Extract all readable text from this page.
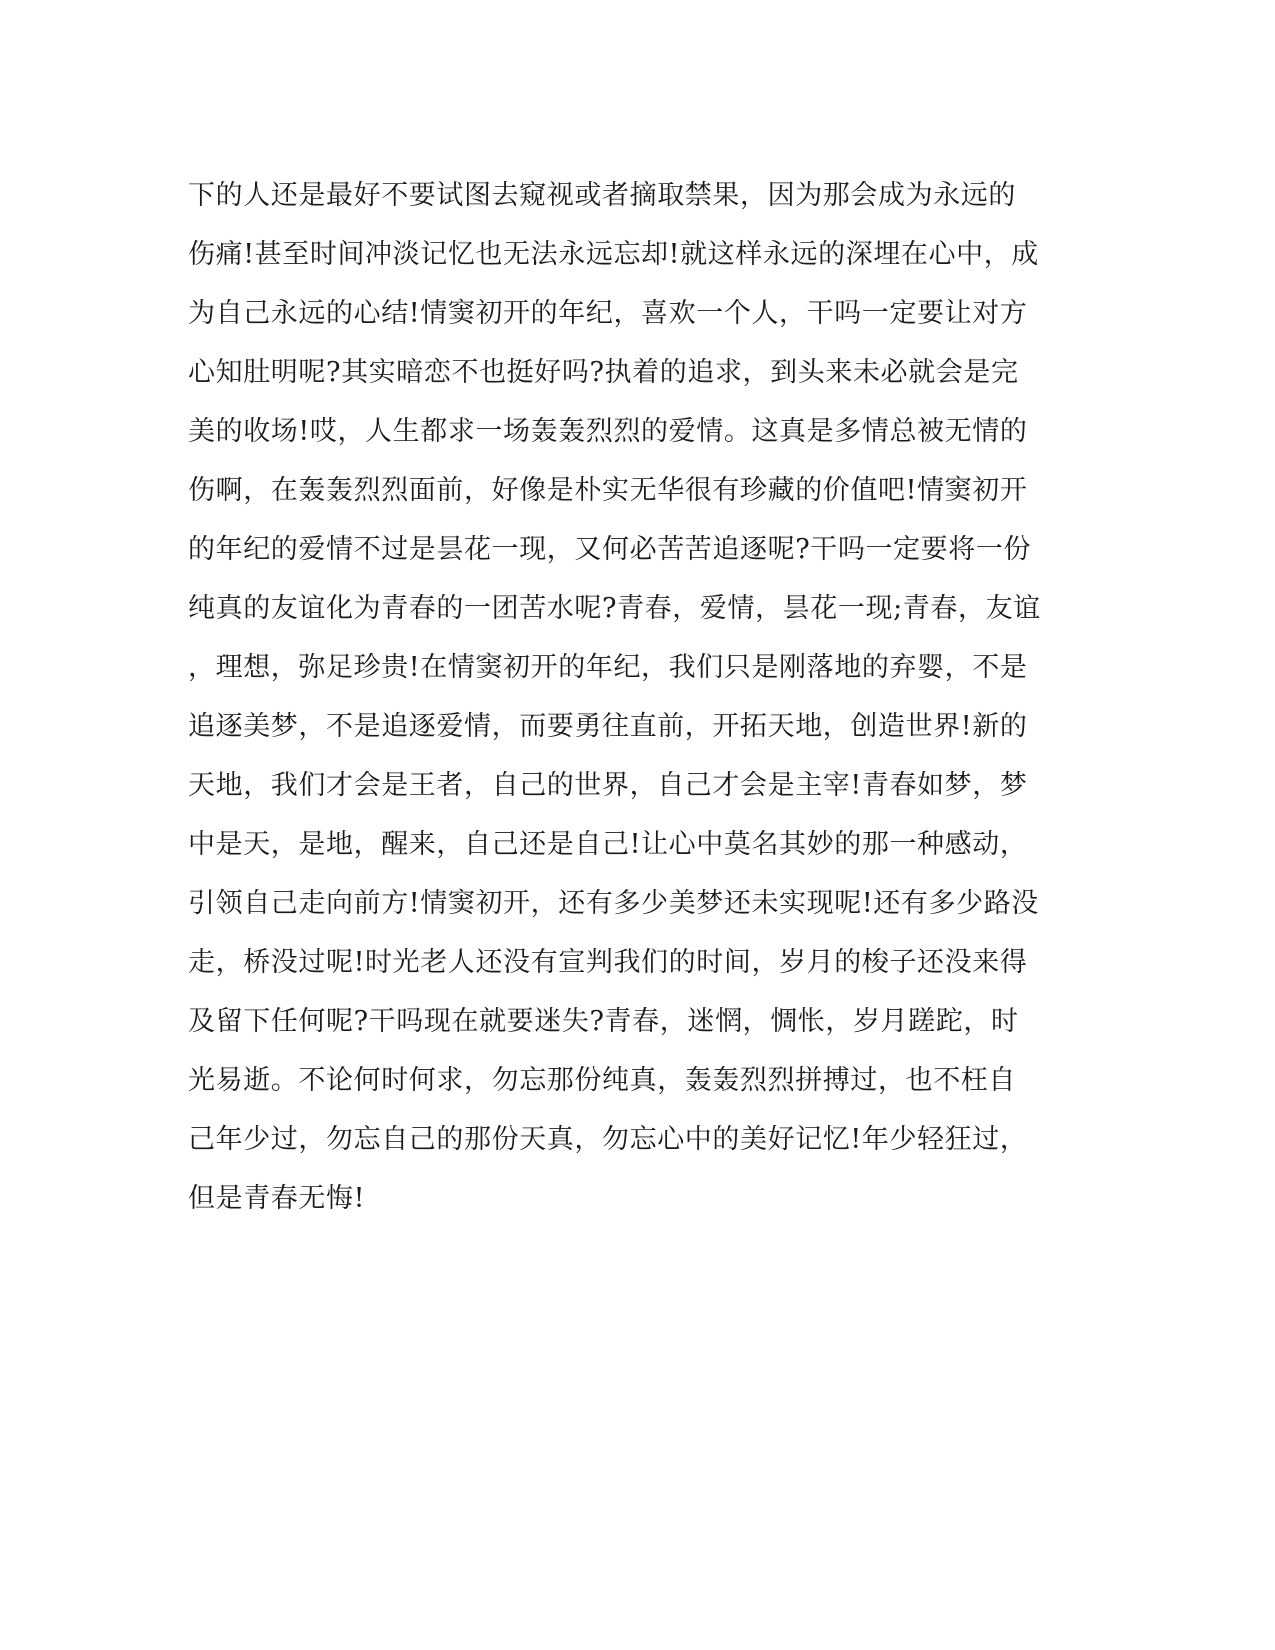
下的人还是最好不要试图去窥视或者摘取禁果，因为那会成为永远的
伤痛!甚至时间冲淡记忆也无法永远忘却!就这样永远的深埋在心中，成
为自己永远的心结!情窦初开的年纪，喜欢一个人，干吗一定要让对方
心知肚明呢?其实暗恋不也挺好吗?执着的追求，到头来未必就会是完
美的收场!哎，人生都求一场轰轰烈烈的爱情。这真是多情总被无情的
伤啊，在轰轰烈烈面前，好像是朴实无华很有珍藏的价值吧!情窦初开
的年纪的爱情不过是昙花一现，又何必苦苦追逐呢?干吗一定要将一份
纯真的友谊化为青春的一团苦水呢?青春，爱情，昙花一现;青春，友谊
，理想，弥足珍贵!在情窦初开的年纪，我们只是刚落地的弃婴，不是
追逐美梦，不是追逐爱情，而要勇往直前，开拓天地，创造世界!新的
天地，我们才会是王者，自己的世界，自己才会是主宰!青春如梦，梦
中是天，是地，醒来，自己还是自己!让心中莫名其妙的那一种感动，
引领自己走向前方!情窦初开，还有多少美梦还未实现呢!还有多少路没
走，桥没过呢!时光老人还没有宣判我们的时间，岁月的梭子还没来得
及留下任何呢?干吗现在就要迷失?青春，迷惘，惆怅，岁月蹉跎，时
光易逝。不论何时何求，勿忘那份纯真，轰轰烈烈拼搏过，也不枉自
己年少过，勿忘自己的那份天真，勿忘心中的美好记忆!年少轻狂过，
但是青春无悔!
